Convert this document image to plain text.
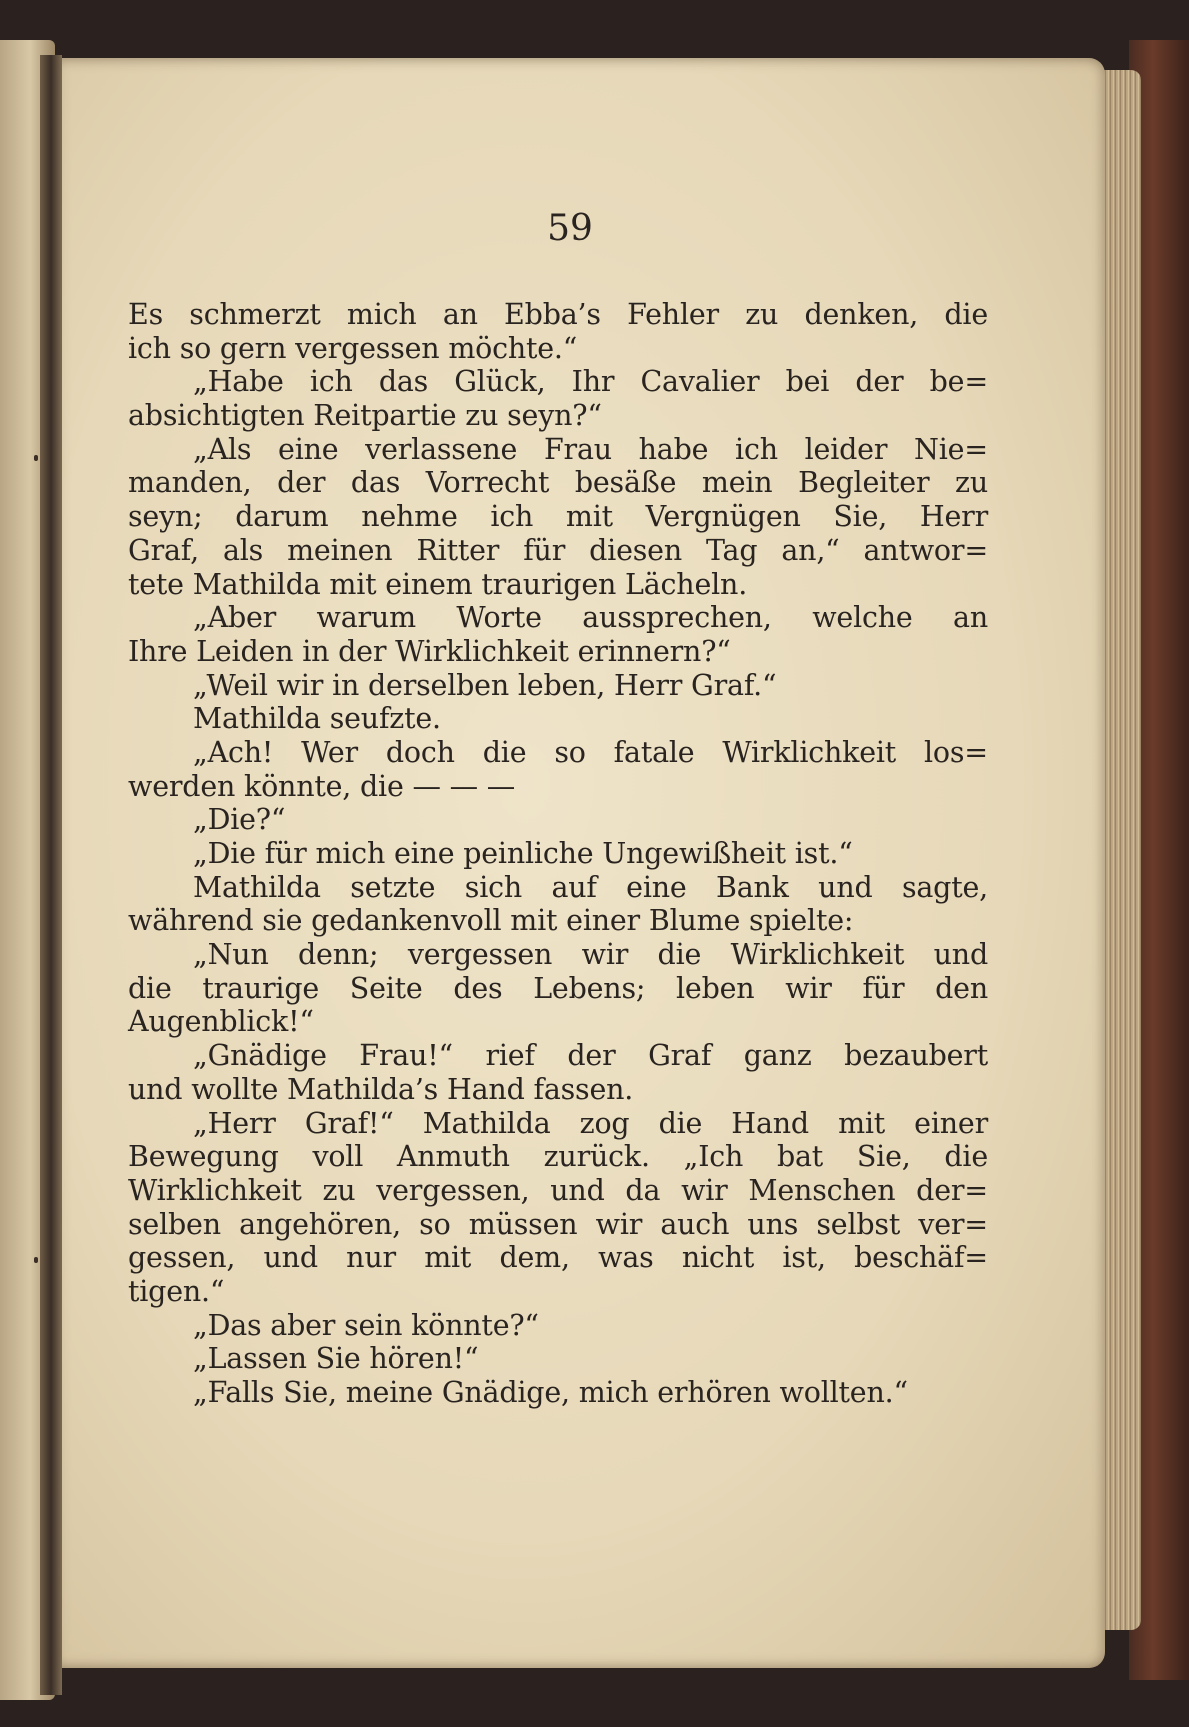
59
Es schmerzt mich an Ebba’s Fehler zu denken, die
ich so gern vergessen möchte.“
„Habe ich das Glück, Ihr Cavalier bei der be=
absichtigten Reitpartie zu seyn?“
„Als eine verlassene Frau habe ich leider Nie=
manden, der das Vorrecht besäße mein Begleiter zu
seyn; darum nehme ich mit Vergnügen Sie, Herr
Graf, als meinen Ritter für diesen Tag an,“ antwor=
tete Mathilda mit einem traurigen Lächeln.
„Aber warum Worte aussprechen, welche an
Ihre Leiden in der Wirklichkeit erinnern?“
„Weil wir in derselben leben, Herr Graf.“
Mathilda seufzte.
„Ach! Wer doch die so fatale Wirklichkeit los=
werden könnte, die — — —
„Die?“
„Die für mich eine peinliche Ungewißheit ist.“
Mathilda setzte sich auf eine Bank und sagte,
während sie gedankenvoll mit einer Blume spielte:
„Nun denn; vergessen wir die Wirklichkeit und
die traurige Seite des Lebens; leben wir für den
Augenblick!“
„Gnädige Frau!“ rief der Graf ganz bezaubert
und wollte Mathilda’s Hand fassen.
„Herr Graf!“ Mathilda zog die Hand mit einer
Bewegung voll Anmuth zurück. „Ich bat Sie, die
Wirklichkeit zu vergessen, und da wir Menschen der=
selben angehören, so müssen wir auch uns selbst ver=
gessen, und nur mit dem, was nicht ist, beschäf=
tigen.“
„Das aber sein könnte?“
„Lassen Sie hören!“
„Falls Sie, meine Gnädige, mich erhören wollten.“
